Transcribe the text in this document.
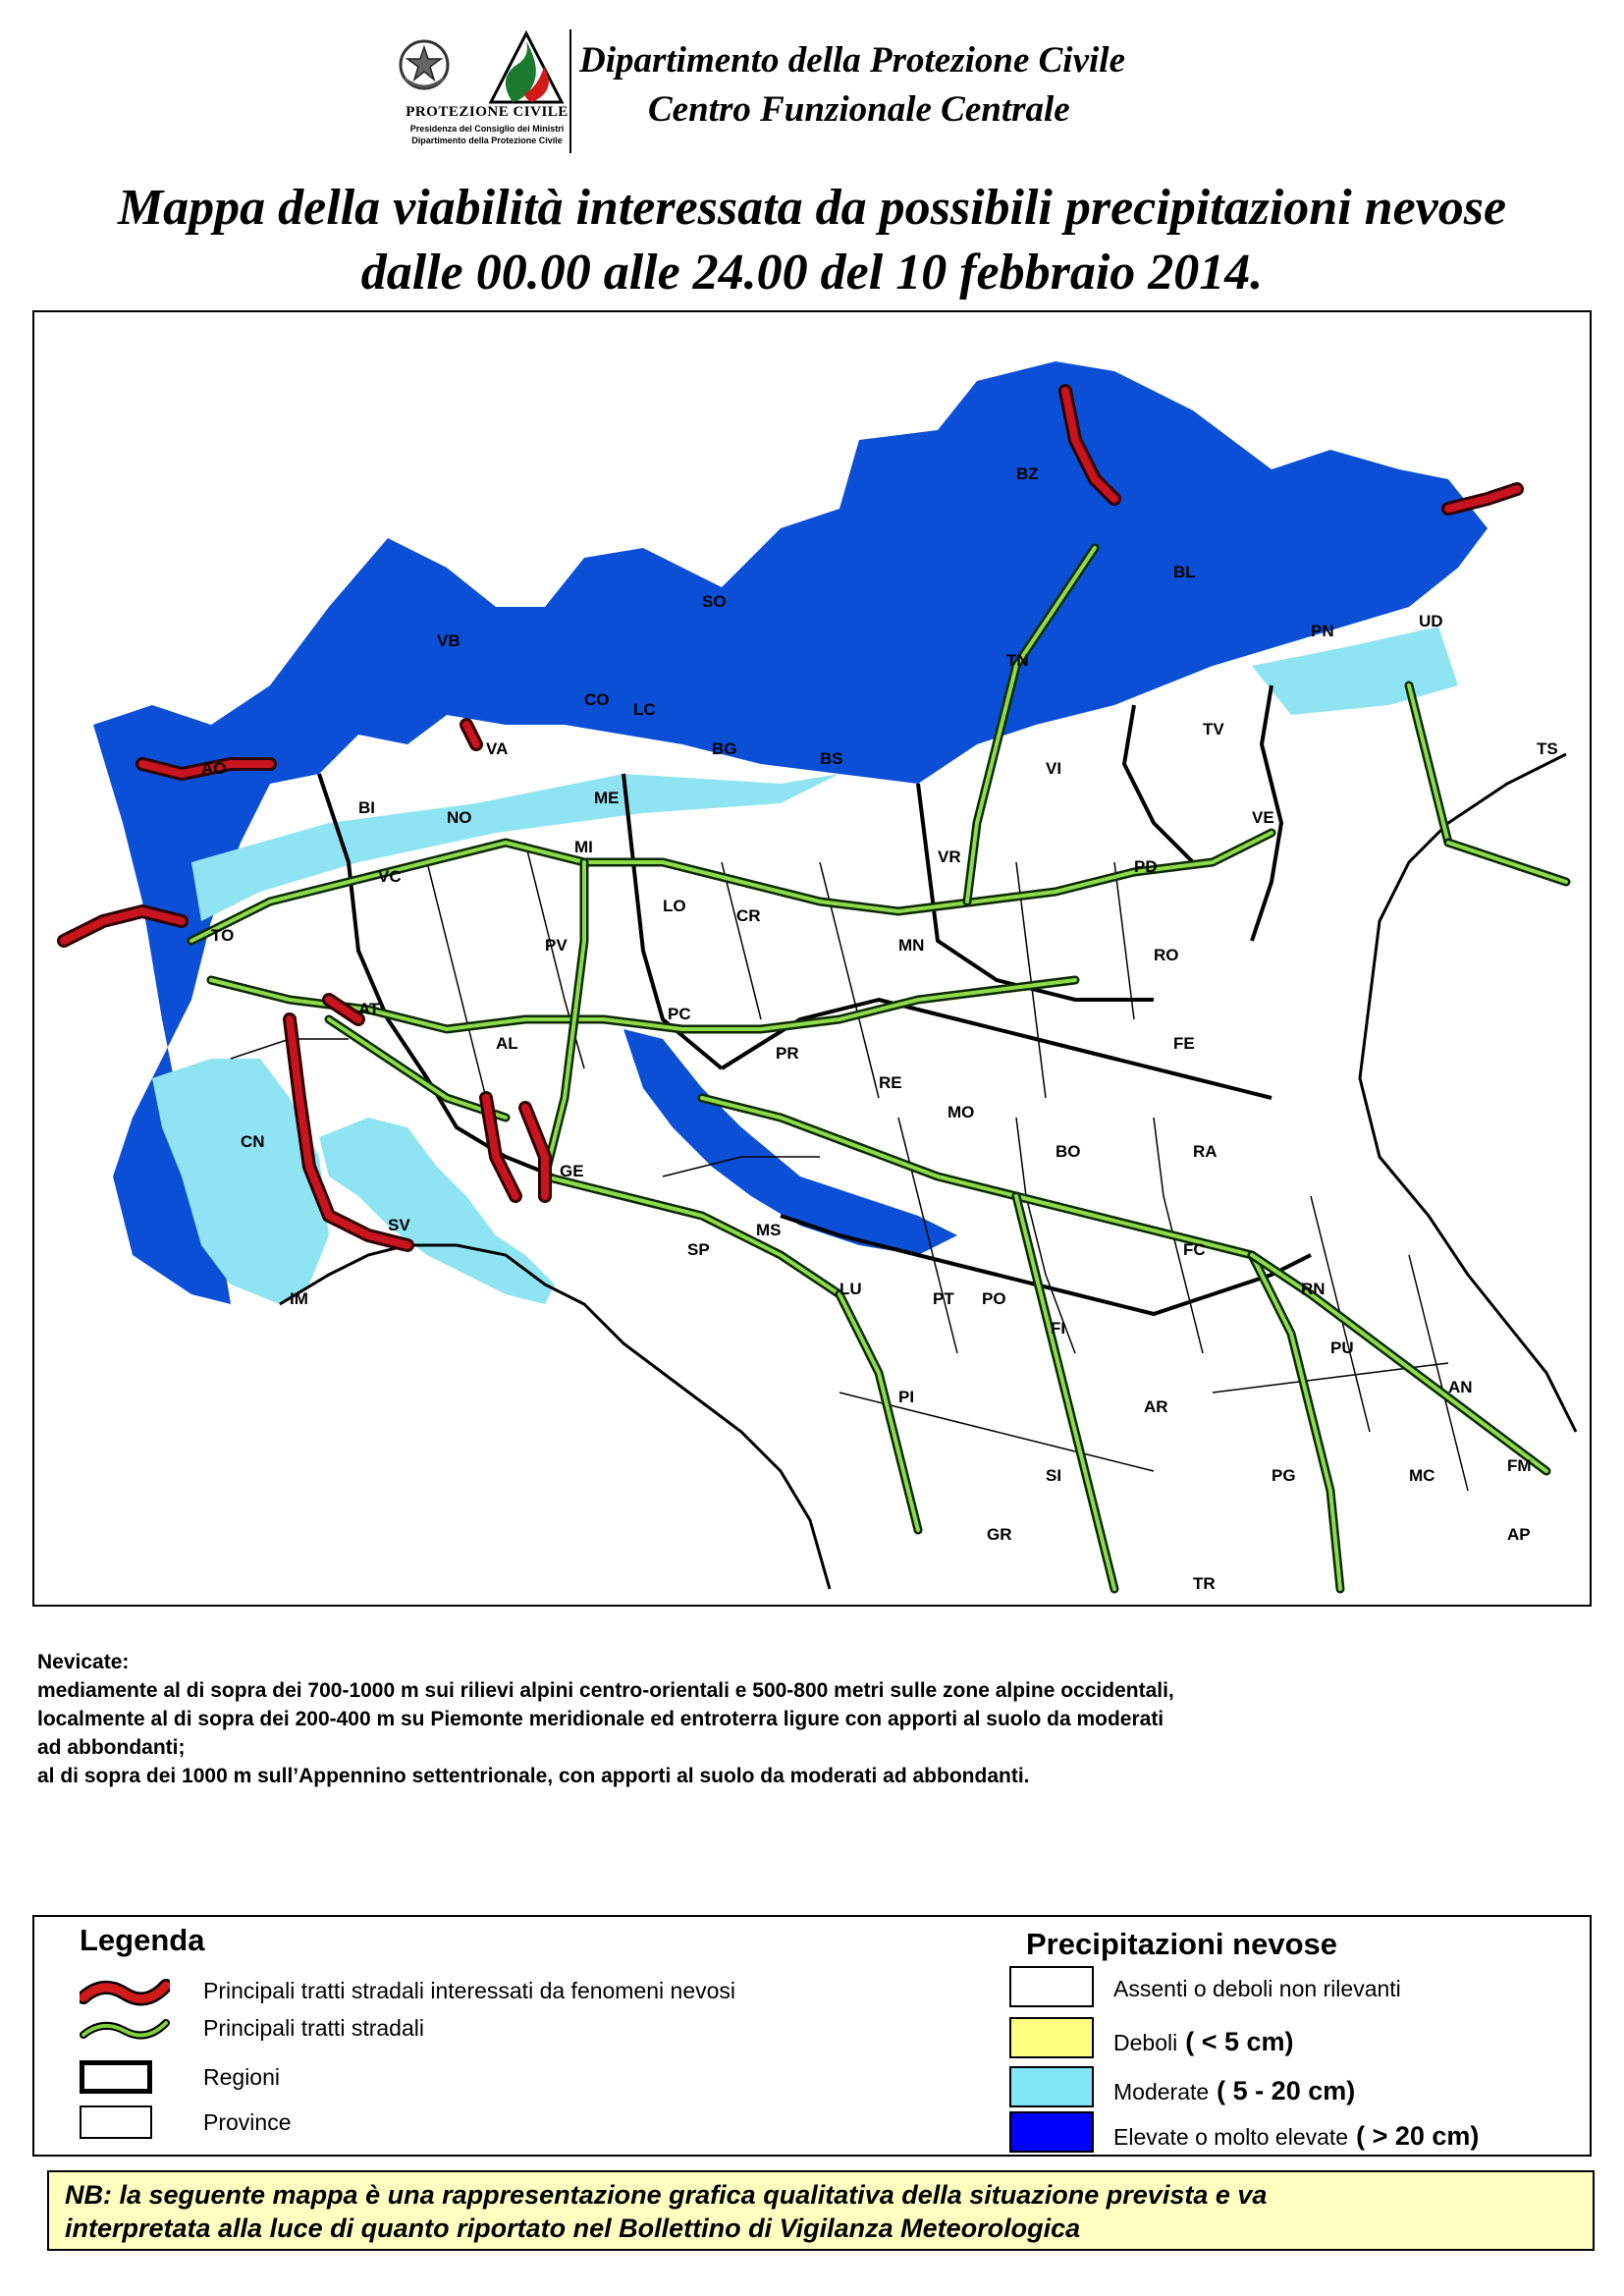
PROTEZIONE CIVILE
Presidenza del Consiglio dei Ministri
Dipartimento della Protezione Civile
Dipartimento della Protezione Civile
Centro Funzionale Centrale
Mappa della viabilità interessata da possibili precipitazioni nevose
dalle 00.00 alle 24.00 del 10 febbraio 2014.
BZ
SO
BL
VB
PN
UD
TN
CO
LC
BG
BS
AO
VA
TV
TS
BI
ME
VI
VE
NO
MI
VR
VC
PD
LO
CR
TO
MN
PV
RO
AT	PC
FE
AL
PR
RE
MO
CN
GE
BO	RA
SV
SP
MS
FC
LU
PT PO
RN
IM
FI
PU
AN
PI
AR
SI	PG	MC
FM
GR	AP
TR
Nevicate:
mediamente al di sopra dei 700-1000 m sui rilievi alpini centro-orientali e 500-800 metri sulle zone alpine occidentali,
localmente al di sopra dei 200-400 m su Piemonte meridionale ed entroterra ligure con apporti al suolo da moderati
ad abbondanti;
al di sopra dei 1000 m sull’Appennino settentrionale, con apporti al suolo da moderati ad abbondanti.
Legenda
Principali tratti stradali interessati da fenomeni nevosi
Principali tratti stradali
Regioni
Province
Precipitazioni nevose
Assenti o deboli non rilevanti
Deboli ( < 5 cm)
Moderate ( 5 - 20 cm)
Elevate o molto elevate ( > 20 cm)
NB: la seguente mappa è una rappresentazione grafica qualitativa della situazione prevista e va
interpretata alla luce di quanto riportato nel Bollettino di Vigilanza Meteorologica
